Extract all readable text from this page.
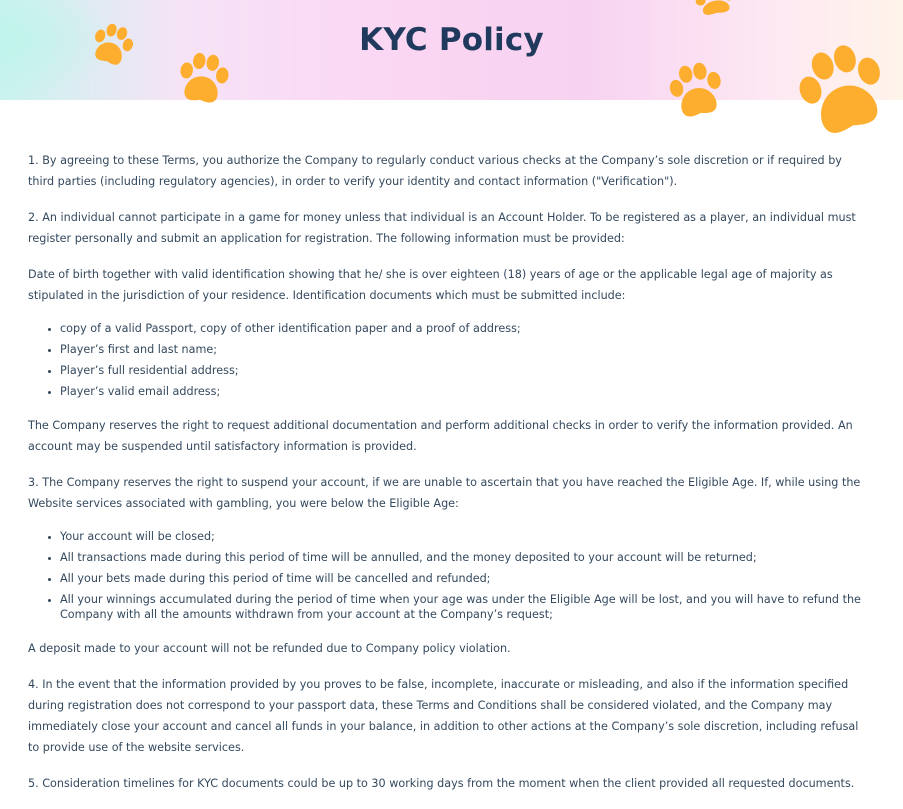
KYC Policy

1. By agreeing to these Terms, you authorize the Company to regularly conduct various checks at the Company’s sole discretion or if required by third parties (including regulatory agencies), in order to verify your identity and contact information ("Verification").

2. An individual cannot participate in a game for money unless that individual is an Account Holder. To be registered as a player, an individual must register personally and submit an application for registration. The following information must be provided:

Date of birth together with valid identification showing that he/ she is over eighteen (18) years of age or the applicable legal age of majority as stipulated in the jurisdiction of your residence. Identification documents which must be submitted include:

• copy of a valid Passport, copy of other identification paper and a proof of address;
• Player’s first and last name;
• Player’s full residential address;
• Player’s valid email address;

The Company reserves the right to request additional documentation and perform additional checks in order to verify the information provided. An account may be suspended until satisfactory information is provided.

3. The Company reserves the right to suspend your account, if we are unable to ascertain that you have reached the Eligible Age. If, while using the Website services associated with gambling, you were below the Eligible Age:

• Your account will be closed;
• All transactions made during this period of time will be annulled, and the money deposited to your account will be returned;
• All your bets made during this period of time will be cancelled and refunded;
• All your winnings accumulated during the period of time when your age was under the Eligible Age will be lost, and you will have to refund the Company with all the amounts withdrawn from your account at the Company’s request;

A deposit made to your account will not be refunded due to Company policy violation.

4. In the event that the information provided by you proves to be false, incomplete, inaccurate or misleading, and also if the information specified during registration does not correspond to your passport data, these Terms and Conditions shall be considered violated, and the Company may immediately close your account and cancel all funds in your balance, in addition to other actions at the Company’s sole discretion, including refusal to provide use of the website services.

5. Consideration timelines for KYC documents could be up to 30 working days from the moment when the client provided all requested documents.
